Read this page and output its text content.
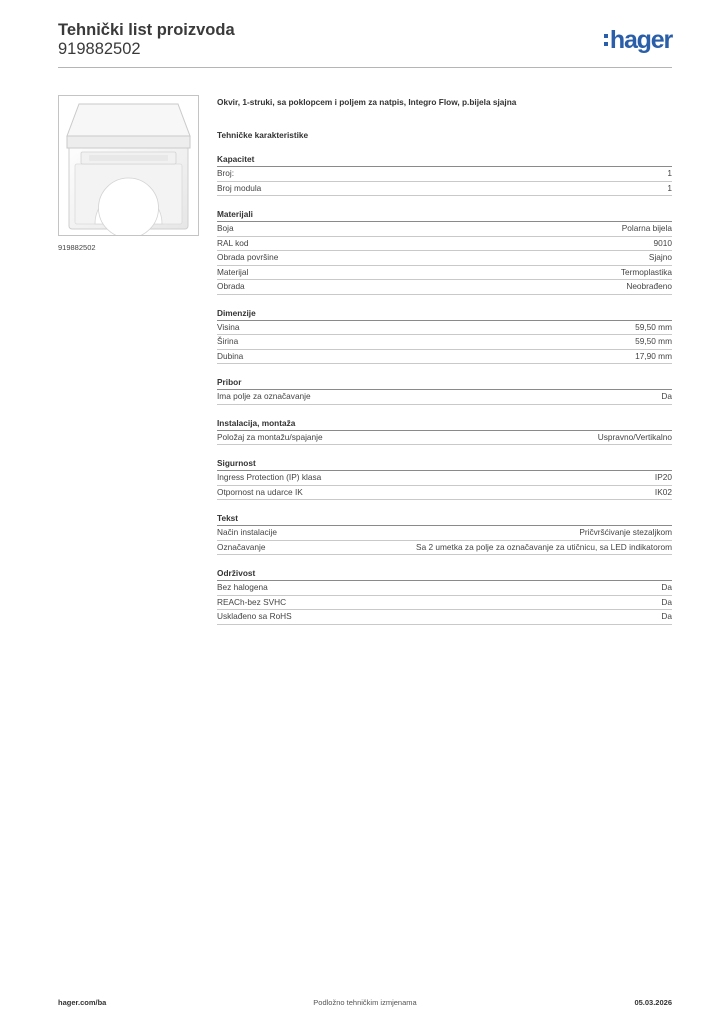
Tehnički list proizvoda
919882502	hager
919882502
Okvir, 1-struki, sa poklopcem i poljem za natpis, Integro Flow, p.bijela sjajna
Tehničke karakteristike
Kapacitet
Broj:	1
Broj modula	1
Materijali
Boja	Polarna bijela
RAL kod	9010
Obrada površine	Sjajno
Materijal	Termoplastika
Obrada	Neobrađeno
Dimenzije
Visina	59,50 mm
Širina	59,50 mm
Dubina	17,90 mm
Pribor
Ima polje za označavanje	Da
Instalacija, montaža
Položaj za montažu/spajanje	Uspravno/Vertikalno
Sigurnost
Ingress Protection (IP) klasa	IP20
Otpornost na udarce IK	IK02
Tekst
Način instalacije	Pričvršćivanje stezaljkom
Označavanje	Sa 2 umetka za polje za označavanje za utičnicu, sa LED indikatorom
Održivost
Bez halogena	Da
REACh-bez SVHC	Da
Usklađeno sa RoHS	Da
Podložno tehničkim izmjenama
hager.com/ba	05.03.2026
